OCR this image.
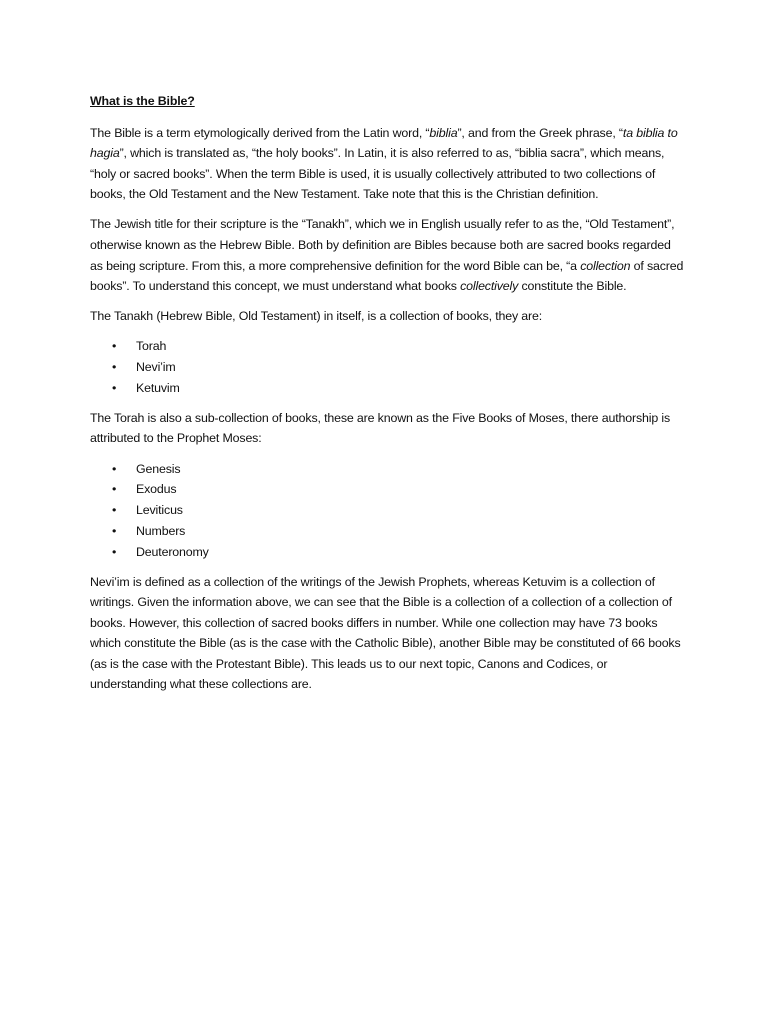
What is the Bible?

The Bible is a term etymologically derived from the Latin word, “biblia”, and from the Greek phrase, “ta biblia to hagia”, which is translated as, “the holy books”. In Latin, it is also referred to as, “biblia sacra”, which means, “holy or sacred books”. When the term Bible is used, it is usually collectively attributed to two collections of books, the Old Testament and the New Testament. Take note that this is the Christian definition.

The Jewish title for their scripture is the “Tanakh”, which we in English usually refer to as the, “Old Testament”, otherwise known as the Hebrew Bible. Both by definition are Bibles because both are sacred books regarded as being scripture. From this, a more comprehensive definition for the word Bible can be, “a collection of sacred books”. To understand this concept, we must understand what books collectively constitute the Bible.

The Tanakh (Hebrew Bible, Old Testament) in itself, is a collection of books, they are:

• Torah
• Nevi’im
• Ketuvim

The Torah is also a sub-collection of books, these are known as the Five Books of Moses, there authorship is attributed to the Prophet Moses:

• Genesis
• Exodus
• Leviticus
• Numbers
• Deuteronomy

Nevi’im is defined as a collection of the writings of the Jewish Prophets, whereas Ketuvim is a collection of writings. Given the information above, we can see that the Bible is a collection of a collection of a collection of books. However, this collection of sacred books differs in number. While one collection may have 73 books which constitute the Bible (as is the case with the Catholic Bible), another Bible may be constituted of 66 books (as is the case with the Protestant Bible). This leads us to our next topic, Canons and Codices, or understanding what these collections are.
